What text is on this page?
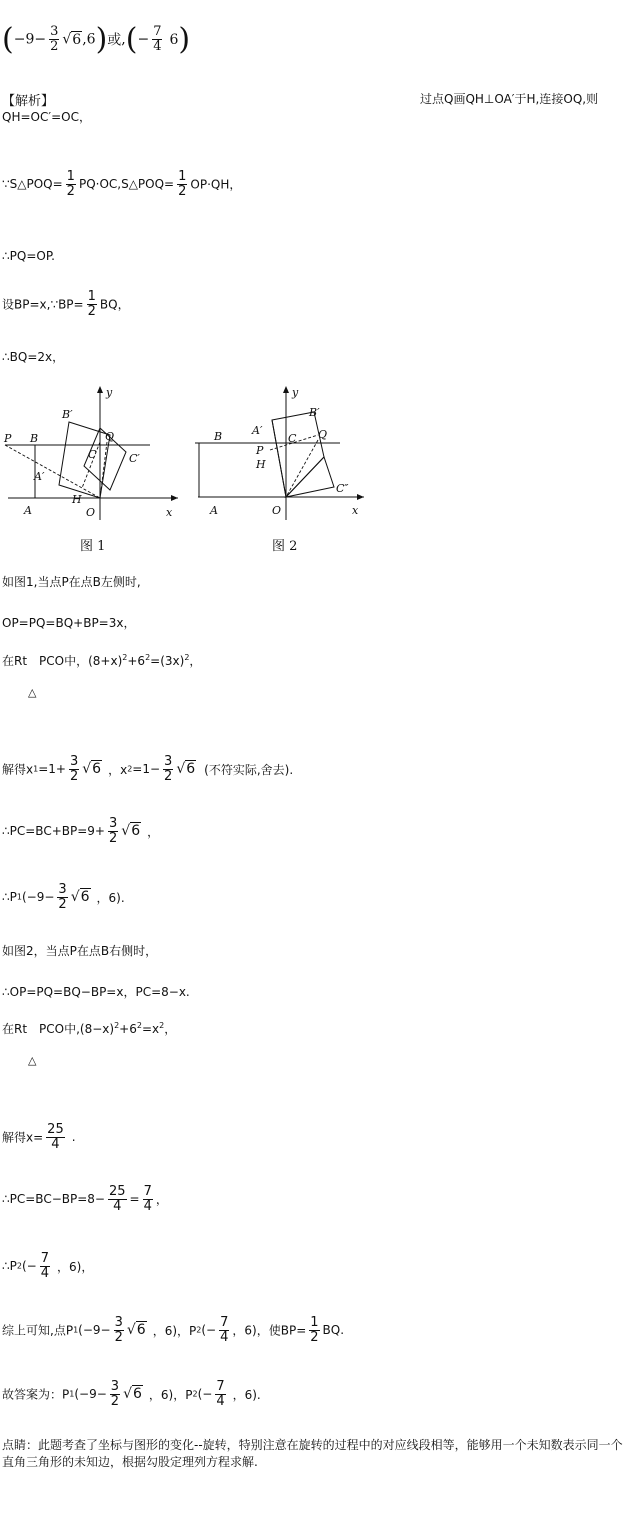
$(-9- \frac{3}{2} √6,6)$或,(− $\frac{7}{4} 6$)
【解析】	过点Q画QH⊥OA′于H,连接OQ,则
QH=OC′=OC，
∵S△POQ= $\frac{1}{2}$ PQ·OC,S△POQ= $\frac{1}{2} OP\cdot QH$，
∴PQ=OP.
设BP=x,∵BP= $\frac{1}{2}$ BQ，
∴BQ=2x，
y
P B
B′
Q
C	C′
A′
H
A	O	x
图 1
y
B	A′
B′
C Q
P
H
C″
A	O	x
图 2
如图1,当点P在点B左侧时,
OP=PQ=BQ+BP=3x，
在Rt PCO中，$(8+x)^2+6^2=(3x)^2$，
△
解得$x1=1+ \frac{3}{2} √6$ ，$x2=1- \frac{3}{2} √6$ (不符实际,舍去).
∴PC=BC+BP=9+ $\frac{3}{2} √6$ ，
∴P1(−9− $\frac{3}{2} √6$ ，6).
如图2，当点P在点B右侧时，
∴OP=PQ=BQ−BP=x，PC=8−x.
在Rt PCO中$,(8-x)^2+6^2=x^2$，
△
解得$x= \frac{25}{4}$ .
∴PC=BC−BP=8− $\frac{25}{4} = \frac{7}{4}$ ，
∴P2(− $\frac{7}{4}$ ，6)，
综上可知,点$P1(-9- \frac{3}{2} √6$ ，6)，$P2(- \frac{7}{4}$ ，6)，使$BP= \frac{1}{2}$ BQ.
故答案为：$P1(-9- \frac{3}{2} √6$ ，6)，$P2(- \frac{7}{4}$ ，6).
点睛：此题考查了坐标与图形的变化--旋转，特别注意在旋转的过程中的对应线段相等，能够用一个未知数表示同一个直角三角形的未知边，根据勾股定理列方程求解.
